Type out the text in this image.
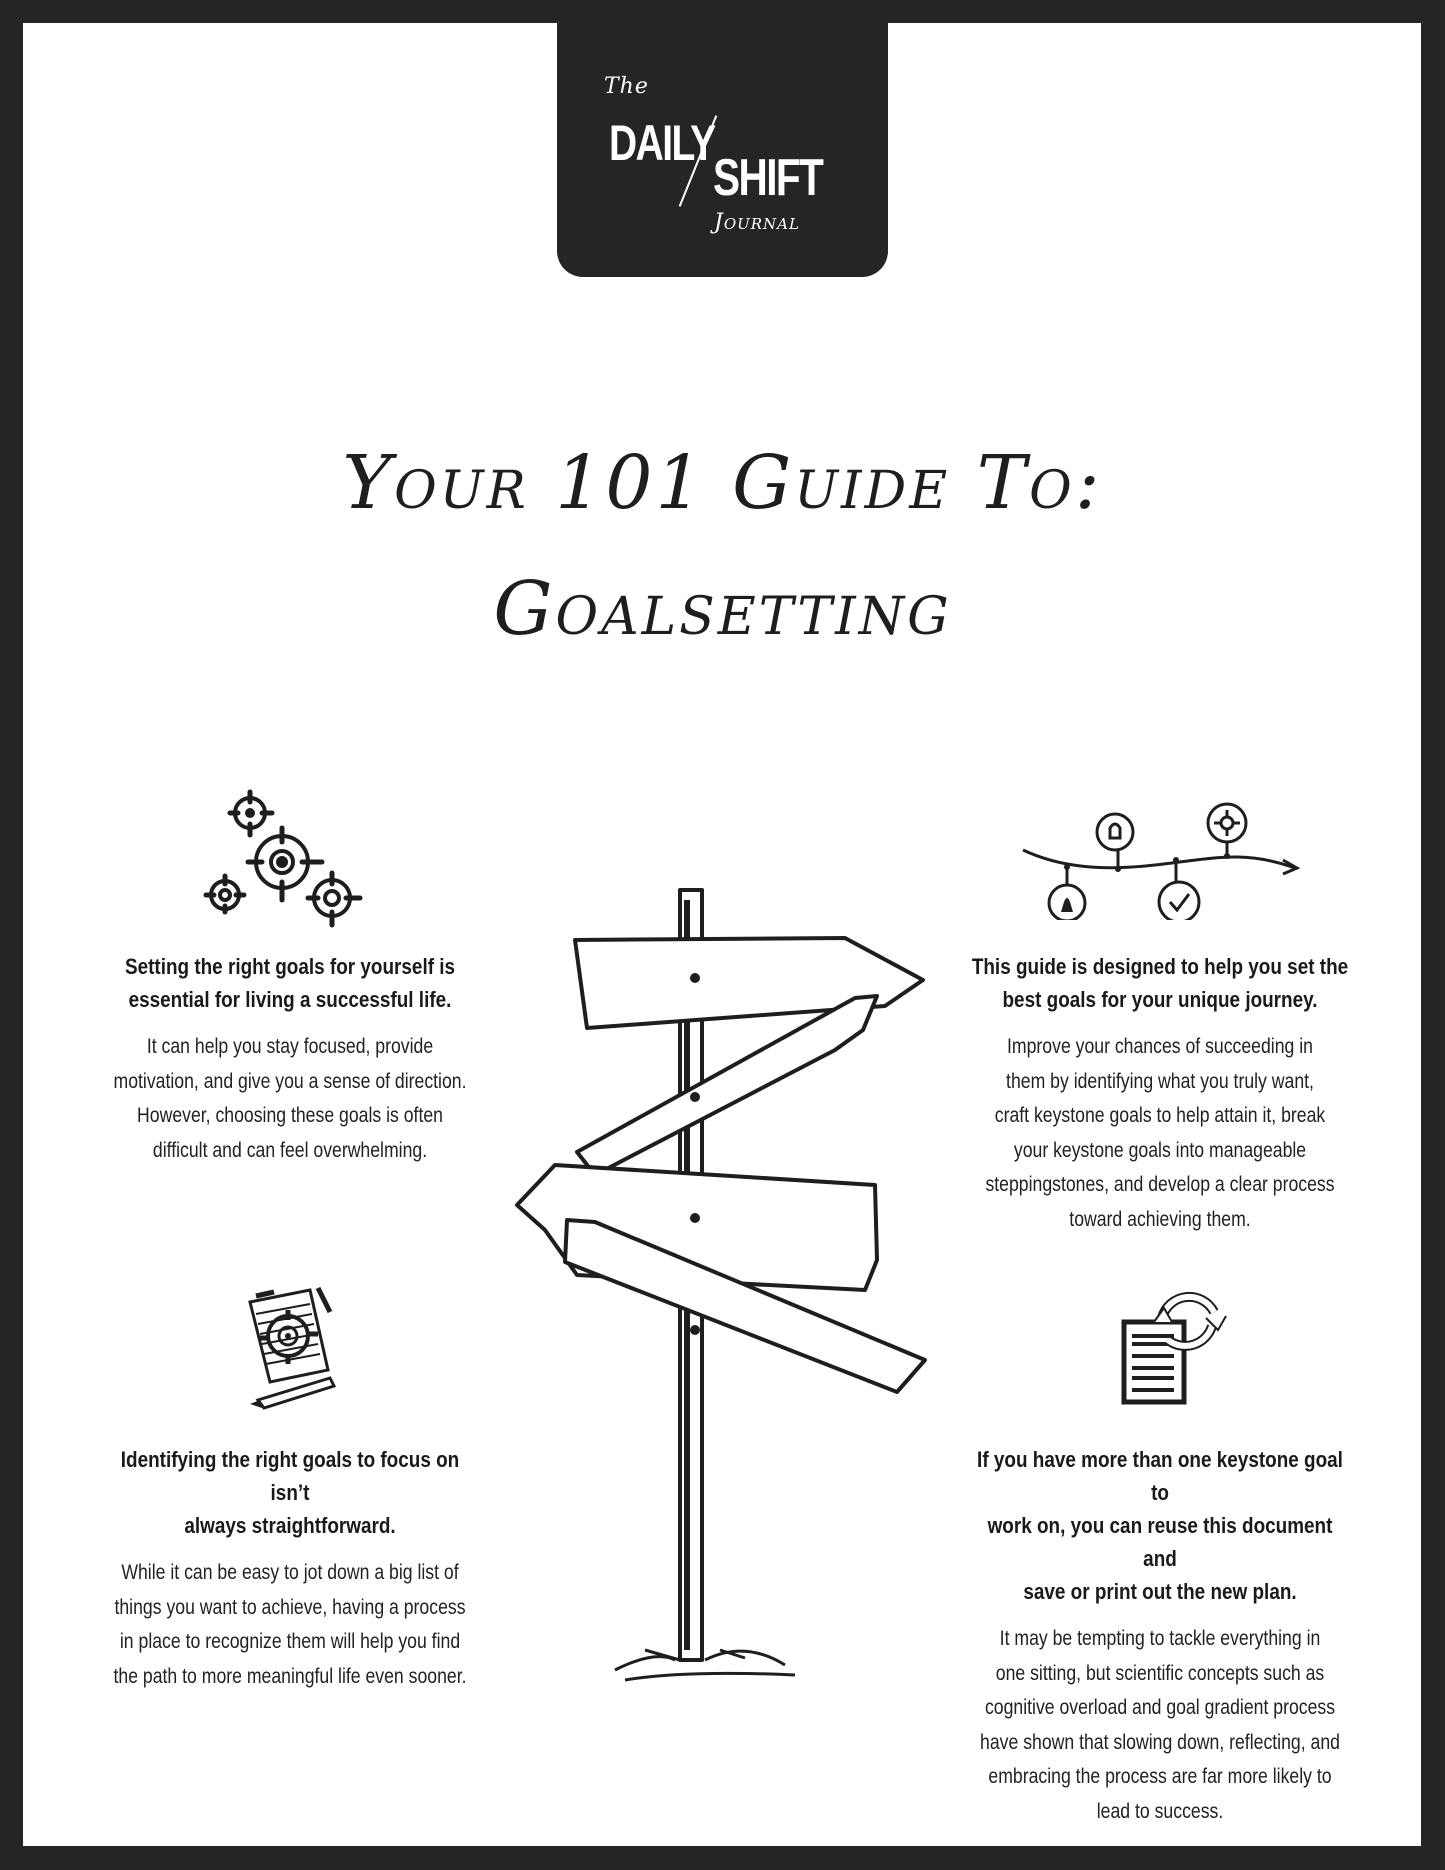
The
DAILY
SHIFT
Journal
Your 101 Guide To:
Goalsetting
Setting the right goals for yourself is
essential for living a successful life.
It can help you stay focused, provide
motivation, and give you a sense of direction.
However, choosing these goals is often
difficult and can feel overwhelming.
This guide is designed to help you set the
best goals for your unique journey.
Improve your chances of succeeding in
them by identifying what you truly want,
craft keystone goals to help attain it, break
your keystone goals into manageable
steppingstones, and develop a clear process
toward achieving them.
Identifying the right goals to focus on isn’t
always straightforward.
While it can be easy to jot down a big list of
things you want to achieve, having a process
in place to recognize them will help you find
the path to more meaningful life even sooner.
If you have more than one keystone goal to
work on, you can reuse this document and
save or print out the new plan.
It may be tempting to tackle everything in
one sitting, but scientific concepts such as
cognitive overload and goal gradient process
have shown that slowing down, reflecting, and
embracing the process are far more likely to
lead to success.
